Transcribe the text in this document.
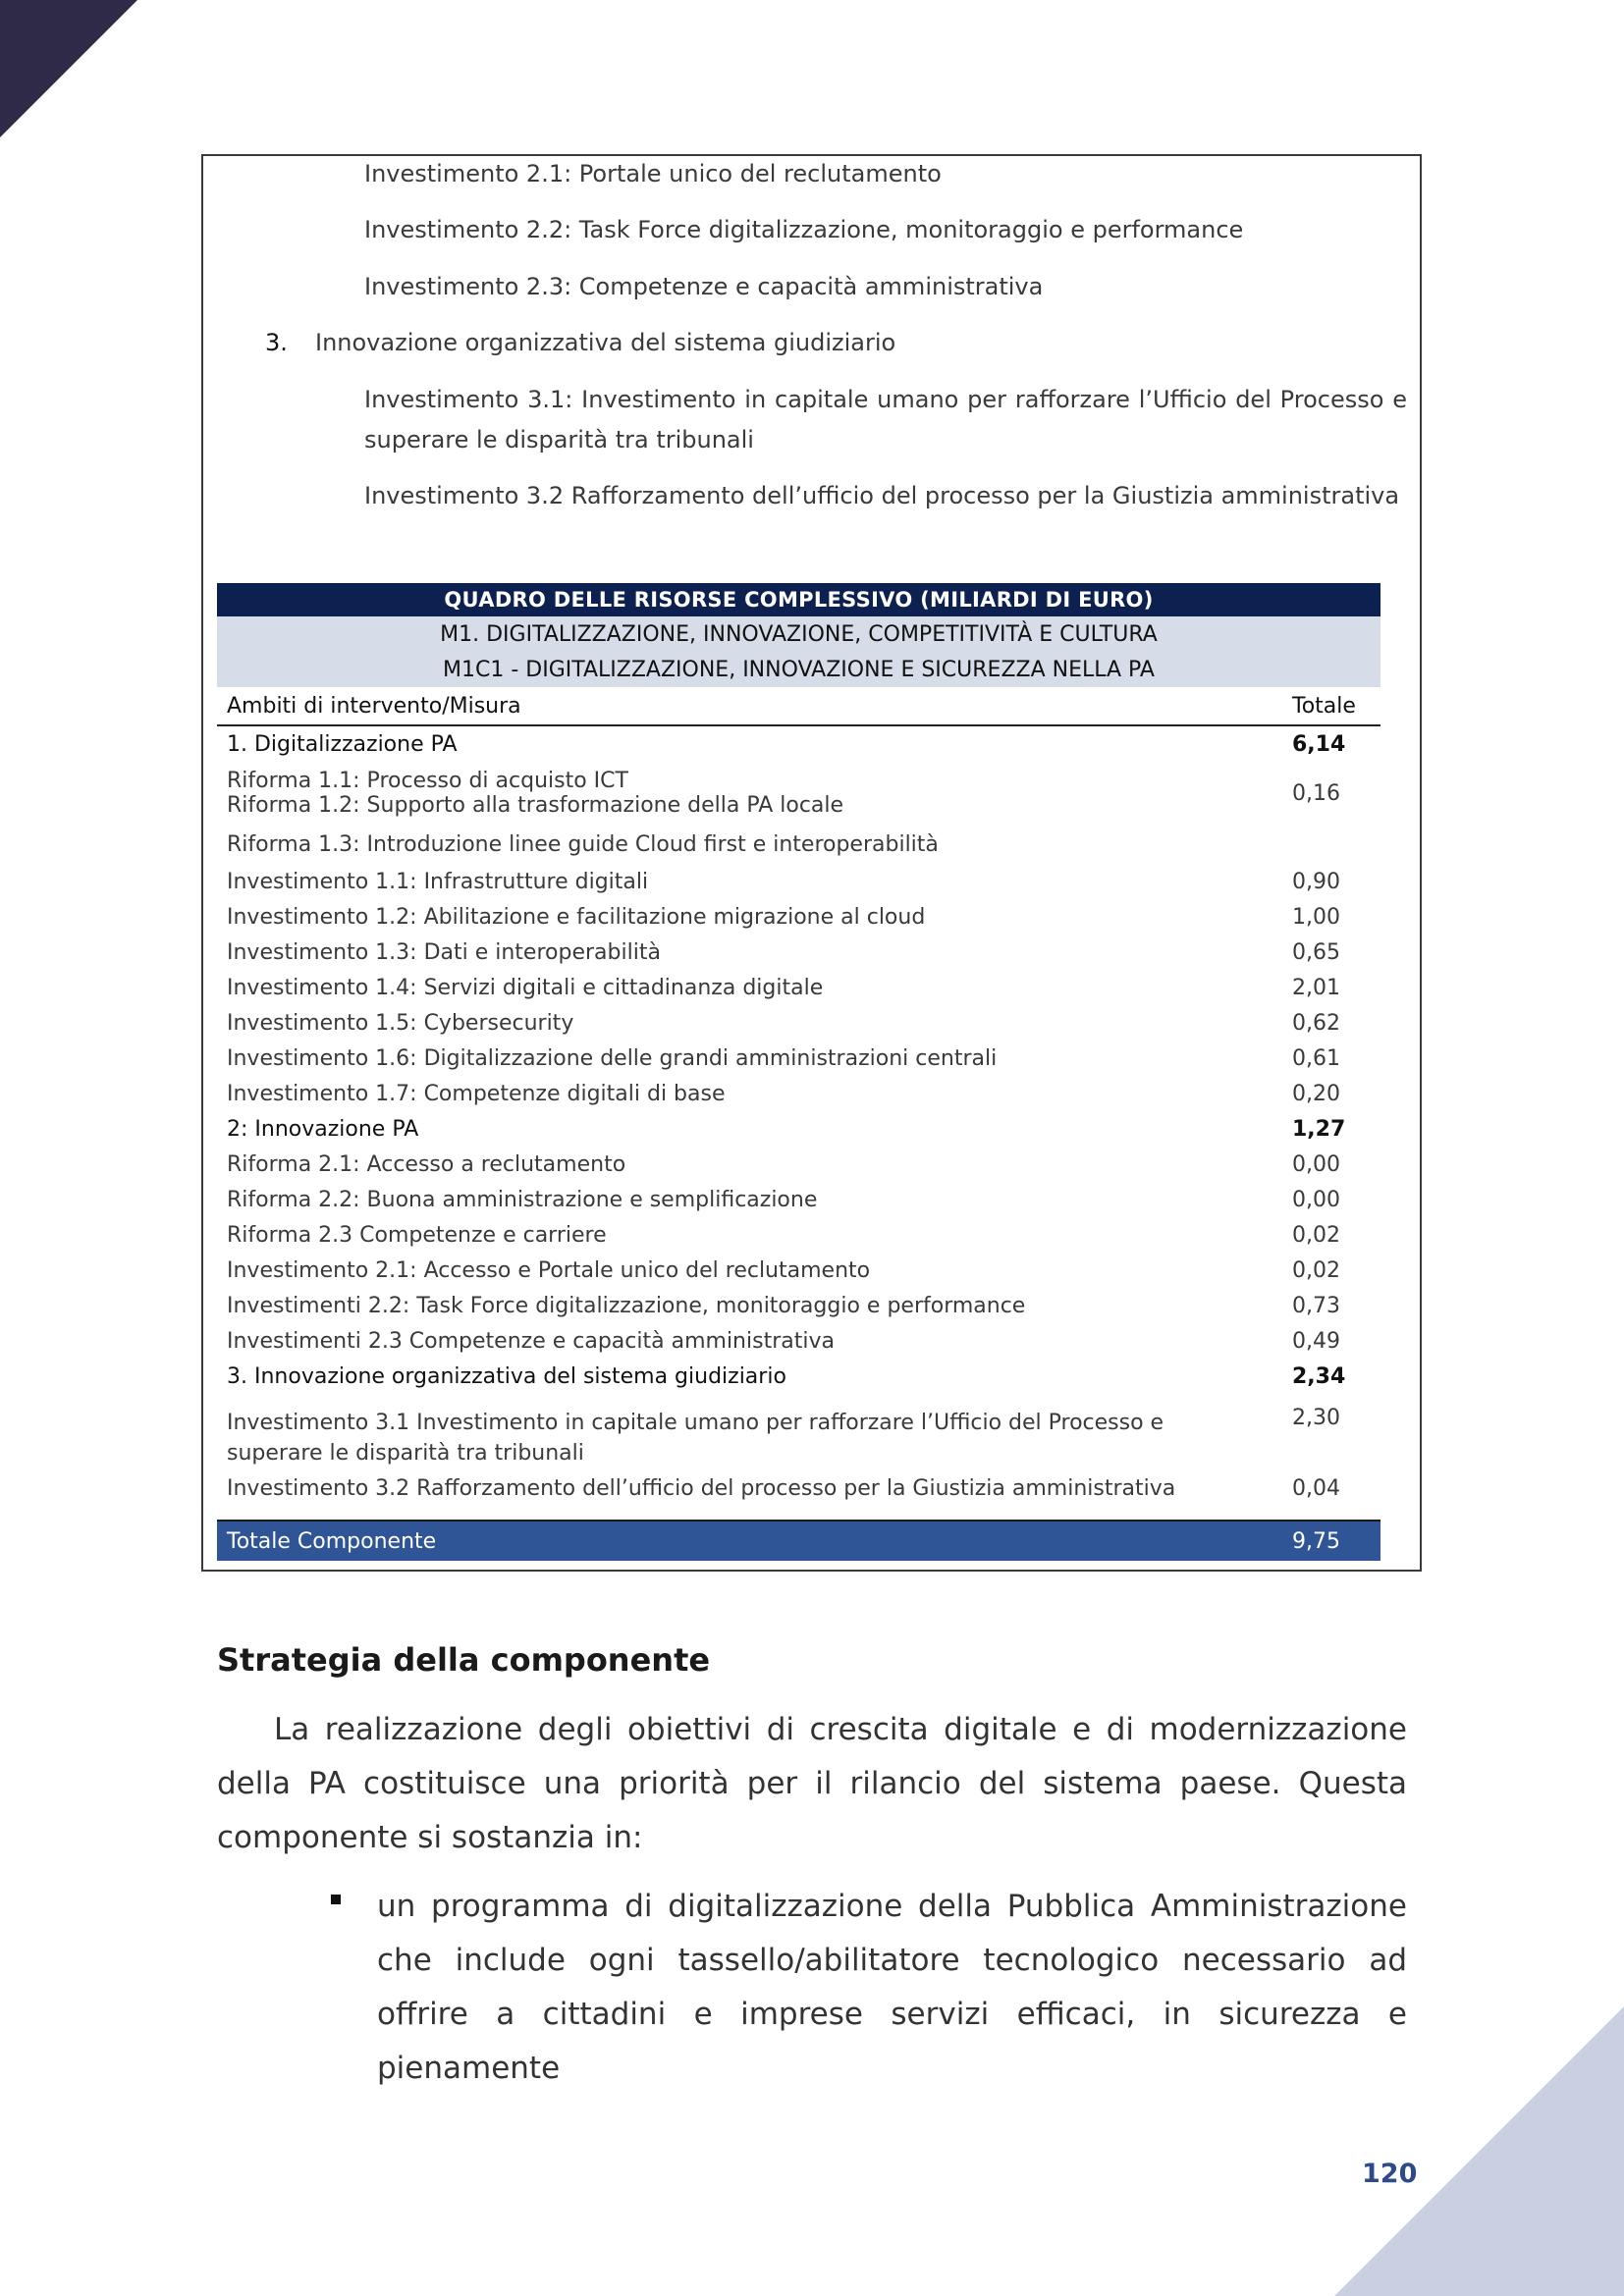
Investimento 2.1: Portale unico del reclutamento
Investimento 2.2: Task Force digitalizzazione, monitoraggio e performance
Investimento 2.3: Competenze e capacità amministrativa
3. Innovazione organizzativa del sistema giudiziario
Investimento 3.1: Investimento in capitale umano per rafforzare l’Ufficio del Processo e superare le disparità tra tribunali
Investimento 3.2 Rafforzamento dell’ufficio del processo per la Giustizia amministrativa
QUADRO DELLE RISORSE COMPLESSIVO (MILIARDI DI EURO)	
M1. DIGITALIZZAZIONE, INNOVAZIONE, COMPETITIVITÀ E CULTURA	
M1C1 - DIGITALIZZAZIONE, INNOVAZIONE E SICUREZZA NELLA PA	
Ambiti di intervento/Misura	Totale
1. Digitalizzazione PA	6,14

Riforma 1.1: Processo di acquisto ICT
Riforma 1.2: Supporto alla trasformazione della PA locale	0,16
Riforma 1.3: Introduzione linee guide Cloud first e interoperabilità	
Investimento 1.1: Infrastrutture digitali	0,90
Investimento 1.2: Abilitazione e facilitazione migrazione al cloud	1,00
Investimento 1.3: Dati e interoperabilità	0,65
Investimento 1.4: Servizi digitali e cittadinanza digitale	2,01
Investimento 1.5: Cybersecurity	0,62
Investimento 1.6: Digitalizzazione delle grandi amministrazioni centrali	0,61
Investimento 1.7: Competenze digitali di base	0,20
2: Innovazione PA	1,27
Riforma 2.1: Accesso a reclutamento	0,00
Riforma 2.2: Buona amministrazione e semplificazione	0,00
Riforma 2.3 Competenze e carriere	0,02
Investimento 2.1: Accesso e Portale unico del reclutamento	0,02
Investimenti 2.2: Task Force digitalizzazione, monitoraggio e performance	0,73
Investimenti 2.3 Competenze e capacità amministrativa	0,49
3. Innovazione organizzativa del sistema giudiziario	2,34
Investimento 3.1 Investimento in capitale umano per rafforzare l’Ufficio del Processo e superare le disparità tra tribunali	2,30
Investimento 3.2 Rafforzamento dell’ufficio del processo per la Giustizia amministrativa	0,04

Totale Componente	9,75
Strategia della componente
La realizzazione degli obiettivi di crescita digitale e di modernizzazione della PA costituisce una priorità per il rilancio del sistema paese. Questa componente si sostanzia in:
un programma di digitalizzazione della Pubblica Amministrazione che include ogni tassello/abilitatore tecnologico necessario ad offrire a cittadini e imprese servizi efficaci, in sicurezza e pienamente
120
